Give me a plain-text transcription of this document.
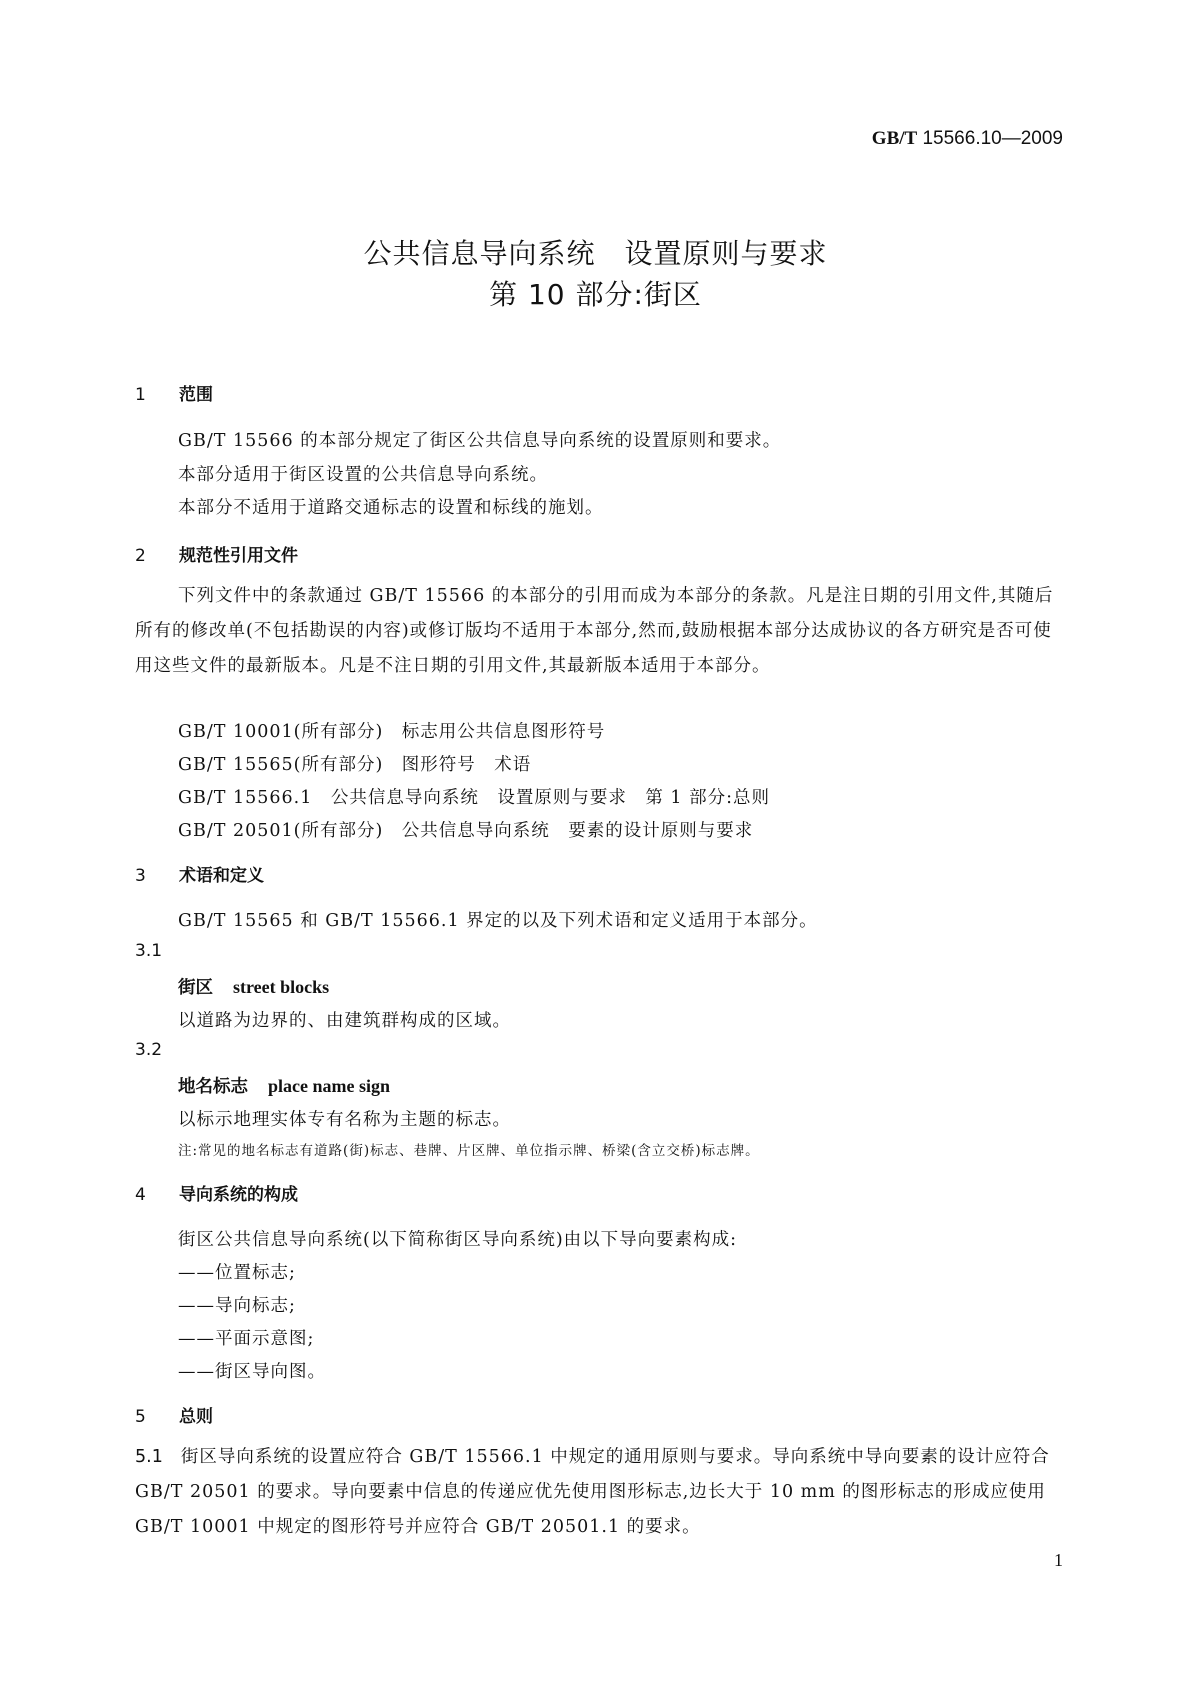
GB/T 15566.10—2009
公共信息导向系统　设置原则与要求
第 10 部分:街区
1 范围
GB/T 15566 的本部分规定了街区公共信息导向系统的设置原则和要求。
本部分适用于街区设置的公共信息导向系统。
本部分不适用于道路交通标志的设置和标线的施划。
2 规范性引用文件
下列文件中的条款通过 GB/T 15566 的本部分的引用而成为本部分的条款。凡是注日期的引用文件,其随后所有的修改单(不包括勘误的内容)或修订版均不适用于本部分,然而,鼓励根据本部分达成协议的各方研究是否可使用这些文件的最新版本。凡是不注日期的引用文件,其最新版本适用于本部分。
GB/T 10001(所有部分)　标志用公共信息图形符号
GB/T 15565(所有部分)　图形符号　术语
GB/T 15566.1　公共信息导向系统　设置原则与要求　第 1 部分:总则
GB/T 20501(所有部分)　公共信息导向系统　要素的设计原则与要求
3 术语和定义
GB/T 15565 和 GB/T 15566.1 界定的以及下列术语和定义适用于本部分。
3.1
街区 street blocks
以道路为边界的、由建筑群构成的区域。
3.2
地名标志 place name sign
以标示地理实体专有名称为主题的标志。
注:常见的地名标志有道路(街)标志、巷牌、片区牌、单位指示牌、桥梁(含立交桥)标志牌。
4 导向系统的构成
街区公共信息导向系统(以下简称街区导向系统)由以下导向要素构成:
——位置标志;
——导向标志;
——平面示意图;
——街区导向图。
5 总则
5.1 街区导向系统的设置应符合 GB/T 15566.1 中规定的通用原则与要求。导向系统中导向要素的设计应符合 GB/T 20501 的要求。导向要素中信息的传递应优先使用图形标志,边长大于 10 mm 的图形标志的形成应使用 GB/T 10001 中规定的图形符号并应符合 GB/T 20501.1 的要求。
1
